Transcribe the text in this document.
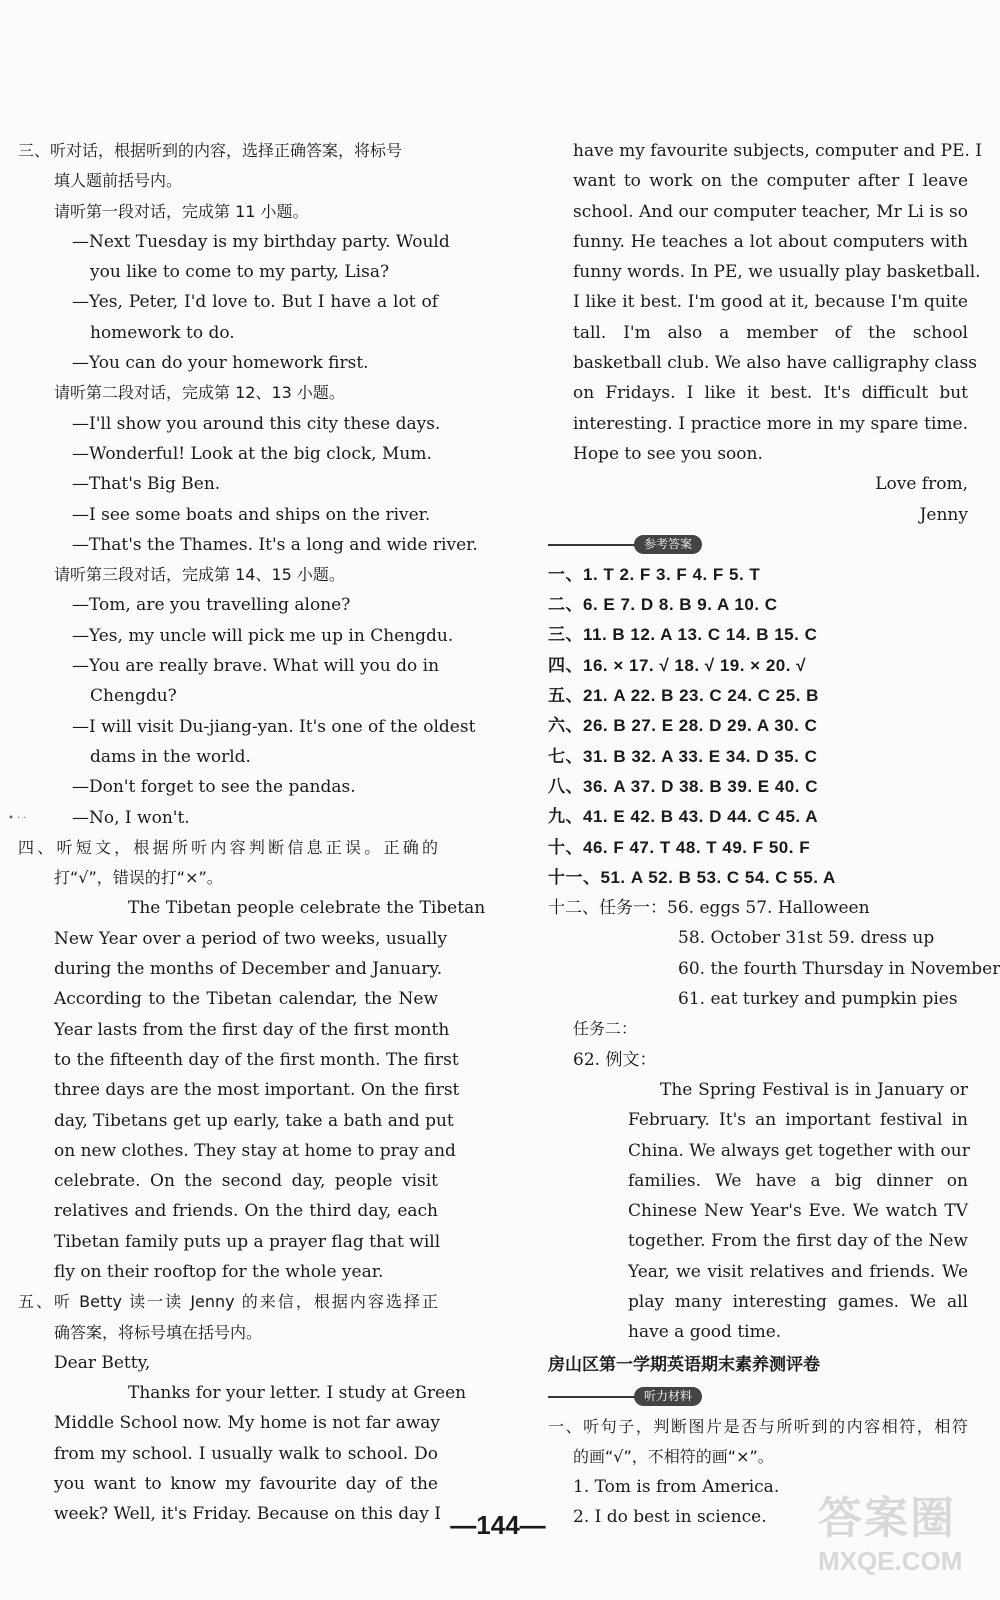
三、听对话，根据听到的内容，选择正确答案，将标号
填人题前括号内。
请听第一段对话，完成第 11 小题。
—Next Tuesday is my birthday party. Would
you like to come to my party, Lisa?
—Yes, Peter, I'd love to. But I have a lot of
homework to do.
—You can do your homework first.
请听第二段对话，完成第 12、13 小题。
—I'll show you around this city these days.
—Wonderful! Look at the big clock, Mum.
—That's Big Ben.
—I see some boats and ships on the river.
—That's the Thames. It's a long and wide river.
请听第三段对话，完成第 14、15 小题。
—Tom, are you travelling alone?
—Yes, my uncle will pick me up in Chengdu.
—You are really brave. What will you do in
Chengdu?
—I will visit Du-jiang-yan. It's one of the oldest
dams in the world.
—Don't forget to see the pandas.
—No, I won't.
四、听短文，根据所听内容判断信息正误。正确的
打“√”，错误的打“×”。
The Tibetan people celebrate the Tibetan
New Year over a period of two weeks, usually
during the months of December and January.
According to the Tibetan calendar, the New
Year lasts from the first day of the first month
to the fifteenth day of the first month. The first
three days are the most important. On the first
day, Tibetans get up early, take a bath and put
on new clothes. They stay at home to pray and
celebrate. On the second day, people visit
relatives and friends. On the third day, each
Tibetan family puts up a prayer flag that will
fly on their rooftop for the whole year.
五、听 Betty 读一读 Jenny 的来信，根据内容选择正
确答案，将标号填在括号内。
Dear Betty,
Thanks for your letter. I study at Green
Middle School now. My home is not far away
from my school. I usually walk to school. Do
you want to know my favourite day of the
week? Well, it's Friday. Because on this day I
have my favourite subjects, computer and PE. I
want to work on the computer after I leave
school. And our computer teacher, Mr Li is so
funny. He teaches a lot about computers with
funny words. In PE, we usually play basketball.
I like it best. I'm good at it, because I'm quite
tall. I'm also a member of the school
basketball club. We also have calligraphy class
on Fridays. I like it best. It's difficult but
interesting. I practice more in my spare time.
Hope to see you soon.
Love from,
Jenny
参考答案
一、1. T 2. F 3. F 4. F 5. T
二、6. E 7. D 8. B 9. A 10. C
三、11. B 12. A 13. C 14. B 15. C
四、16. × 17. √ 18. √ 19. × 20. √
五、21. A 22. B 23. C 24. C 25. B
六、26. B 27. E 28. D 29. A 30. C
七、31. B 32. A 33. E 34. D 35. C
八、36. A 37. D 38. B 39. E 40. C
九、41. E 42. B 43. D 44. C 45. A
十、46. F 47. T 48. T 49. F 50. F
十一、51. A 52. B 53. C 54. C 55. A
十二、任务一：56. eggs 57. Halloween
58. October 31st 59. dress up
60. the fourth Thursday in November
61. eat turkey and pumpkin pies
任务二：
62. 例文：
The Spring Festival is in January or
February. It's an important festival in
China. We always get together with our
families. We have a big dinner on
Chinese New Year's Eve. We watch TV
together. From the first day of the New
Year, we visit relatives and friends. We
play many interesting games. We all
have a good time.
房山区第一学期英语期末素养测评卷
听力材料
一、听句子，判断图片是否与所听到的内容相符，相符
的画“√”，不相符的画“×”。
1. Tom is from America.
2. I do best in science.
• · ·
—144—	答案圈
MXQE.COM
